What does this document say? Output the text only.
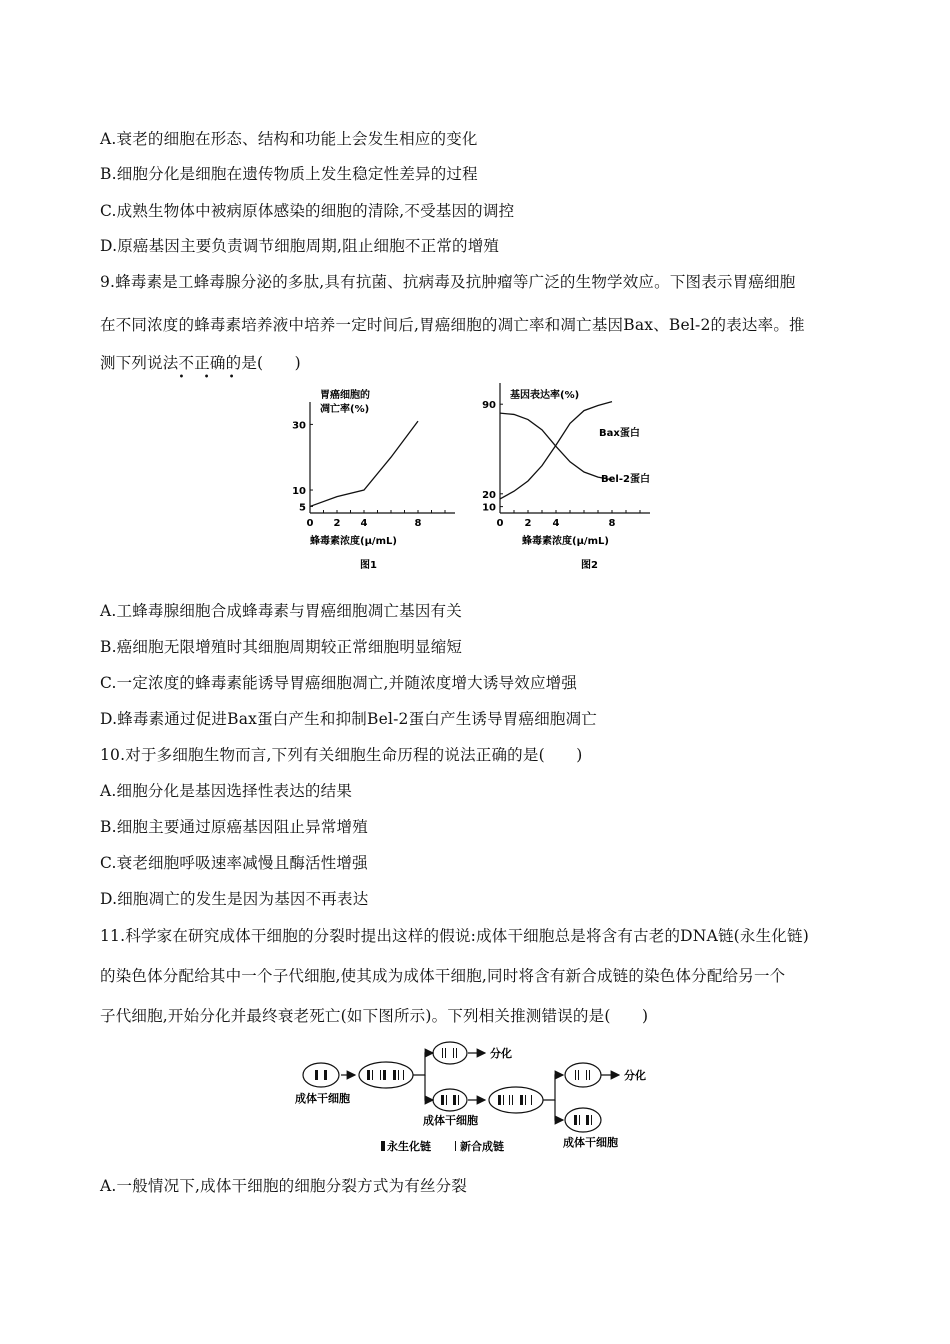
A.衰老的细胞在形态、结构和功能上会发生相应的变化
B.细胞分化是细胞在遗传物质上发生稳定性差异的过程
C.成熟生物体中被病原体感染的细胞的清除,不受基因的调控
D.原癌基因主要负责调节细胞周期,阻止细胞不正常的增殖
9.蜂毒素是工蜂毒腺分泌的多肽,具有抗菌、抗病毒及抗肿瘤等广泛的生物学效应。下图表示胃癌细胞
在不同浓度的蜂毒素培养液中培养一定时间后,胃癌细胞的凋亡率和凋亡基因Bax、Bel-2的表达率。推
测下列说法不正确
• • •
的是(　　)
胃癌细胞的
凋亡率(%)
0 2 4	8
5
10
30
蜂毒素浓度(μ/mL)
图1
基因表达率(%)
0 2 4	8
10
20
90
Bax蛋白
Bel-2蛋白
蜂毒素浓度(μ/mL)
图2
A.工蜂毒腺细胞合成蜂毒素与胃癌细胞凋亡基因有关
B.癌细胞无限增殖时其细胞周期较正常细胞明显缩短
C.一定浓度的蜂毒素能诱导胃癌细胞凋亡,并随浓度增大诱导效应增强
D.蜂毒素通过促进Bax蛋白产生和抑制Bel-2蛋白产生诱导胃癌细胞凋亡
10.对于多细胞生物而言,下列有关细胞生命历程的说法正确的是(　　)
A.细胞分化是基因选择性表达的结果
B.细胞主要通过原癌基因阻止异常增殖
C.衰老细胞呼吸速率减慢且酶活性增强
D.细胞凋亡的发生是因为基因不再表达
11.科学家在研究成体干细胞的分裂时提出这样的假说:成体干细胞总是将含有古老的DNA链(永生化链)
的染色体分配给其中一个子代细胞,使其成为成体干细胞,同时将含有新合成链的染色体分配给另一个
子代细胞,开始分化并最终衰老死亡(如下图所示)。下列相关推测错误的是(　　)
分化
分化
成体干细胞
成体干细胞
成体干细胞
永生化链	新合成链
A.一般情况下,成体干细胞的细胞分裂方式为有丝分裂
